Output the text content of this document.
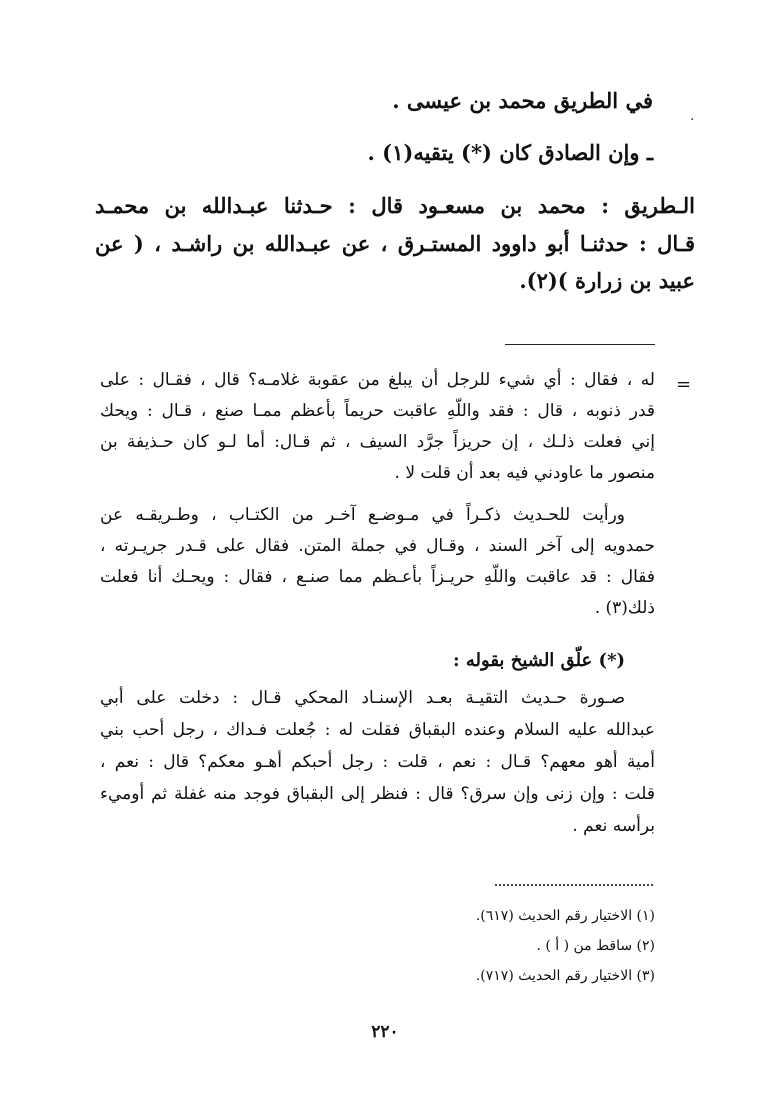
·
في الطريق محمد بن عيسى .
ـ وإن الصادق كان (*) يتقيه(١) .
الـطريق : محمد بن مسعـود قال : حـدثنا عبـدالله بن محمـد
قـال : حدثنـا أبو داوود المستـرق ، عن عبـدالله بن راشـد ، ( عن
عبيد بن زرارة )(٢).
=
له ، فقال : أي شيء للرجل أن يبلغ من عقوبة غلامـه؟ قال ، فقـال : على
قدر ذنوبه ، قال : فقد واللّهِ عاقبت حريماً بأعظم ممـا صنع ، قـال : ويحك
إني فعلت ذلـك ، إن حريزاً جرَّد السيف ، ثم قـال: أما لـو كان حـذيفة بن
منصور ما عاودني فيه بعد أن قلت لا .
ورأيت للحـديث ذكـراً في مـوضـع آخـر من الكتـاب ، وطـريقـه عن
حمدويه إلى آخر السند ، وقـال في جملة المتن. فقال على قـدر جريـرته ،
فقال : قد عاقبت واللّهِ حريـزاً بأعـظم مما صنـع ، فقال : ويحـك أنا فعلت
ذلك(٣) .
(*) علّق الشيخ بقوله :
صـورة حـديث التقيـة بعـد الإسنـاد المحكي قـال : دخلت على أبي
عبدالله عليه السلام وعنده البقباق فقلت له : جُعلت فـداك ، رجل أحب بني
أمية أهو معهم؟ قـال : نعم ، قلت : رجل أحبكم أهـو معكم؟ قال : نعم ،
قلت : وإن زنى وإن سرق؟ قال : فنظر إلى البقباق فوجد منه غفلة ثم أوميء
برأسه نعم .
(١) الاختيار رقم الحديث (٦١٧).
(٢) ساقط من ( أ ) .
(٣) الاختيار رقم الحديث (٧١٧).
٢٢٠
